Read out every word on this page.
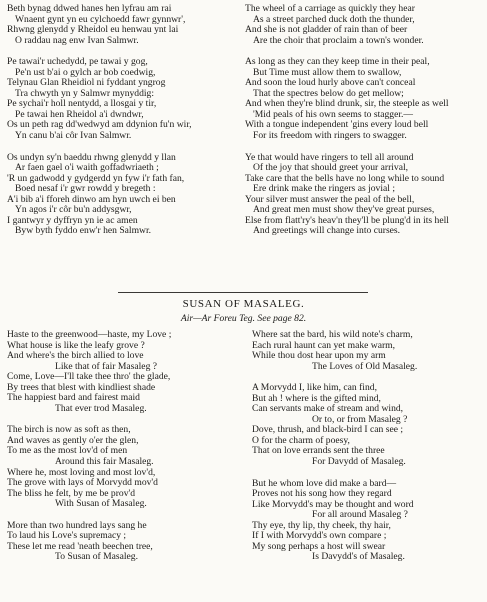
Beth bynag ddwed hanes hen lyfrau am rai
Wnaent gynt yn eu cylchoedd fawr gynnwr',
Rhwng glenydd y Rheidol eu henwau ynt lai
O raddau nag enw Ivan Salmwr.
Pe tawai'r uchedydd, pe tawai y gog,
Pe'n ust b'ai o gylch ar bob coedwig,
Telynau Glan Rheidiol ni fyddant yngrog
Tra chwyth yn y Salmwr mynyddig:
Pe sychai'r holl nentydd, a llosgai y tir,
Pe tawai hen Rheidol a'i dwndwr,
Os un peth rag dd'wedwyd am ddynion fu'n wir,
Yn canu b'ai côr Ivan Salmwr.
Os undyn sy'n baeddu rhwng glenydd y llan
Ar faen gael o'i waith goffadwriaeth ;
'R un gadwodd y gydgerdd yn fyw i'r fath fan,
Boed nesaf i'r gwr rowdd y bregeth :
A'i bib a'i fforeh dinwo am hyn uwch ei ben
Yn agos i'r côr bu'n addysgwr,
I gantwyr y dyffryn yn ie ac amen
Byw byth fyddo enw'r hen Salmwr.
The wheel of a carriage as quickly they hear
As a street parched duck doth the thunder,
And she is not gladder of rain than of beer
Are the choir that proclaim a town's wonder.
As long as they can they keep time in their peal,
But Time must allow them to swallow,
And soon the loud hurly above can't conceal
That the spectres below do get mellow;
And when they're blind drunk, sir, the steeple as well
'Mid peals of his own seems to stagger.—
With a tongue independent 'gins every loud bell
For its freedom with ringers to swagger.
Ye that would have ringers to tell all around
Of the joy that should greet your arrival,
Take care that the bells have no long while to sound
Ere drink make the ringers as jovial ;
Your silver must answer the peal of the bell,
And great men must show they've great purses,
Else from flatt'ry's heav'n they'll be plung'd in its hell
And greetings will change into curses.
SUSAN OF MASALEG.
Air—Ar Foreu Teg. See page 82.
Haste to the greenwood—haste, my Love ;
What house is like the leafy grove ?
And where's the birch allied to love
Like that of fair Masaleg ?
Come, Love—I'll take thee thro' the glade,
By trees that blest with kindliest shade
The happiest bard and fairest maid
That ever trod Masaleg.
The birch is now as soft as then,
And waves as gently o'er the glen,
To me as the most lov'd of men
Around this fair Masaleg.
Where he, most loving and most lov'd,
The grove with lays of Morvydd mov'd
The bliss he felt, by me be prov'd
With Susan of Masaleg.
More than two hundred lays sang he
To laud his Love's supremacy ;
These let me read 'neath beechen tree,
To Susan of Masaleg.
Where sat the bard, his wild note's charm,
Each rural haunt can yet make warm,
While thou dost hear upon my arm
The Loves of Old Masaleg.
A Morvydd I, like him, can find,
But ah ! where is the gifted mind,
Can servants make of stream and wind,
Or to, or from Masaleg ?
Dove, thrush, and black-bird I can see ;
O for the charm of poesy,
That on love errands sent the three
For Davydd of Masaleg.
But he whom love did make a bard—
Proves not his song how they regard
Like Morvydd's may be thought and word
For all around Masaleg ?
Thy eye, thy lip, thy cheek, thy hair,
If I with Morvydd's own compare ;
My song perhaps a host will swear
Is Davydd's of Masaleg.
